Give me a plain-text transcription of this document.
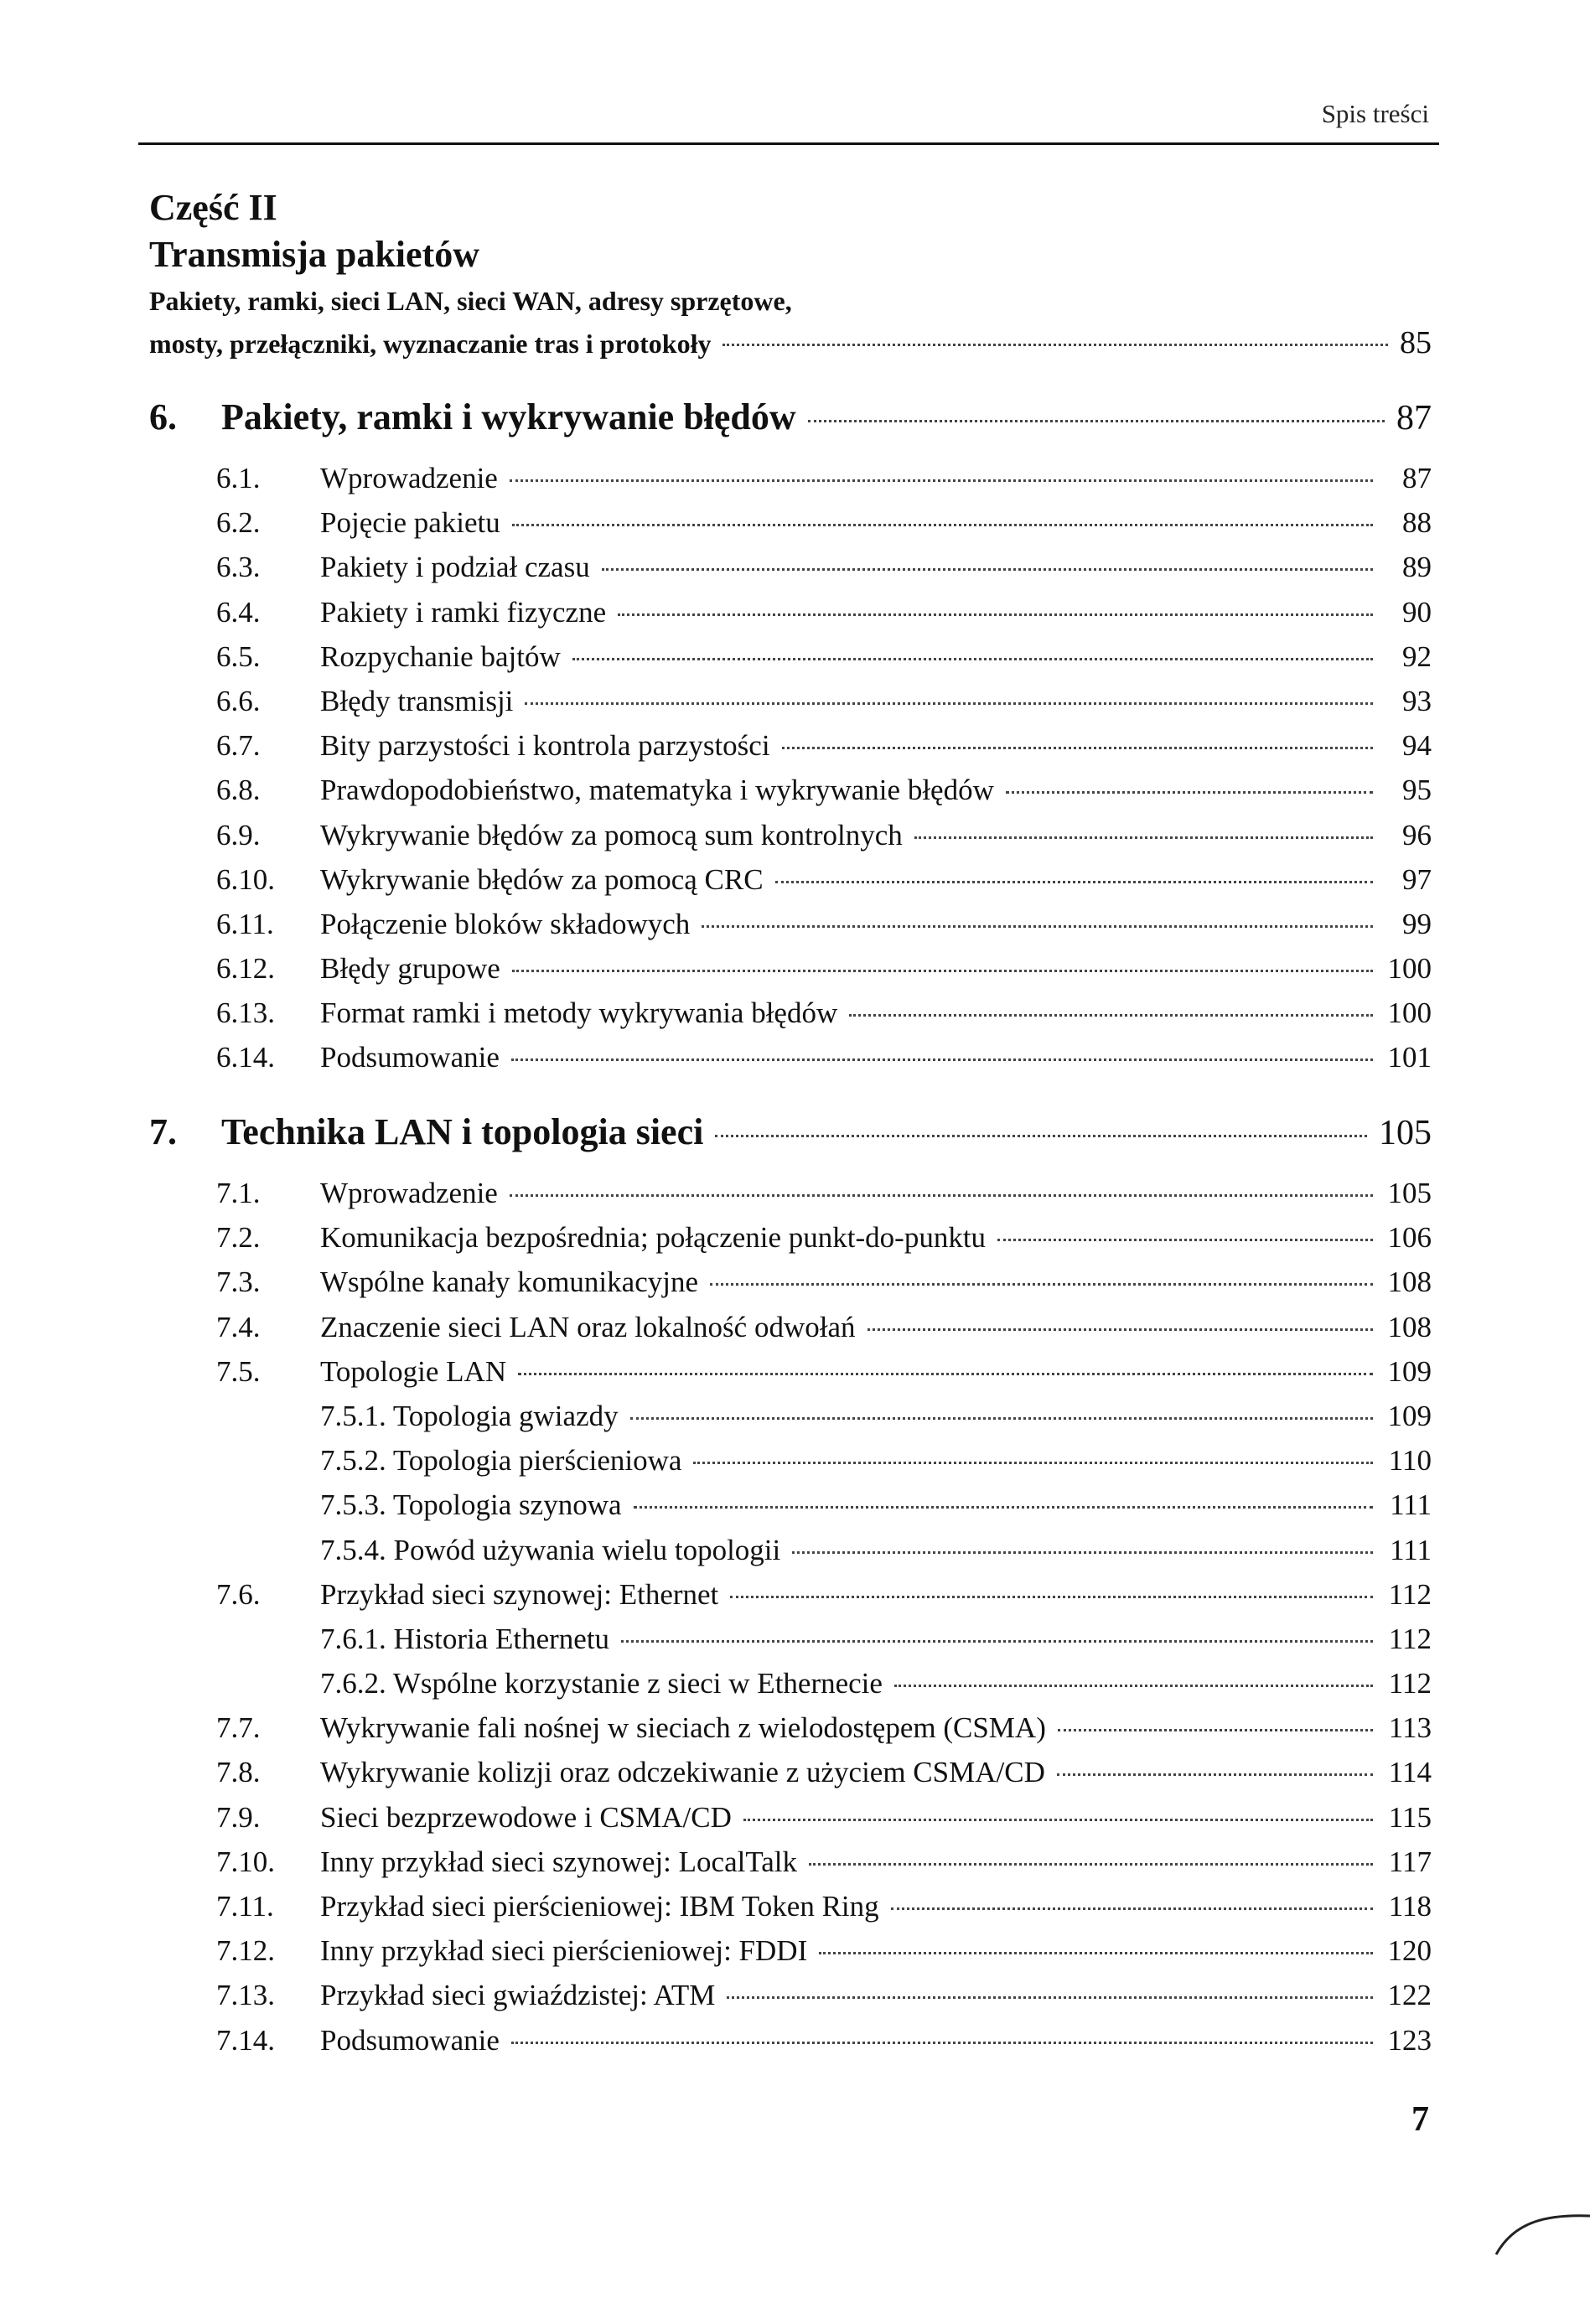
Spis treści
Część II
Transmisja pakietów
Pakiety, ramki, sieci LAN, sieci WAN, adresy sprzętowe,
mosty, przełączniki, wyznaczanie tras i protokoły	85
6.	Pakiety, ramki i wykrywanie błędów	87
6.1.	Wprowadzenie	87
6.2.	Pojęcie pakietu	88
6.3.	Pakiety i podział czasu	89
6.4.	Pakiety i ramki fizyczne	90
6.5.	Rozpychanie bajtów	92
6.6.	Błędy transmisji	93
6.7.	Bity parzystości i kontrola parzystości	94
6.8.	Prawdopodobieństwo, matematyka i wykrywanie błędów	95
6.9.	Wykrywanie błędów za pomocą sum kontrolnych	96
6.10.	Wykrywanie błędów za pomocą CRC	97
6.11.	Połączenie bloków składowych	99
6.12.	Błędy grupowe	100
6.13.	Format ramki i metody wykrywania błędów	100
6.14.	Podsumowanie	101
7.	Technika LAN i topologia sieci	105
7.1.	Wprowadzenie	105
7.2.	Komunikacja bezpośrednia; połączenie punkt-do-punktu	106
7.3.	Wspólne kanały komunikacyjne	108
7.4.	Znaczenie sieci LAN oraz lokalność odwołań	108
7.5.	Topologie LAN	109
7.5.1. Topologia gwiazdy	109
7.5.2. Topologia pierścieniowa	110
7.5.3. Topologia szynowa	111
7.5.4. Powód używania wielu topologii	111
7.6.	Przykład sieci szynowej: Ethernet	112
7.6.1. Historia Ethernetu	112
7.6.2. Wspólne korzystanie z sieci w Ethernecie	112
7.7.	Wykrywanie fali nośnej w sieciach z wielodostępem (CSMA)	113
7.8.	Wykrywanie kolizji oraz odczekiwanie z użyciem CSMA/CD	114
7.9.	Sieci bezprzewodowe i CSMA/CD	115
7.10.	Inny przykład sieci szynowej: LocalTalk	117
7.11.	Przykład sieci pierścieniowej: IBM Token Ring	118
7.12.	Inny przykład sieci pierścieniowej: FDDI	120
7.13.	Przykład sieci gwiaździstej: ATM	122
7.14.	Podsumowanie	123
7
